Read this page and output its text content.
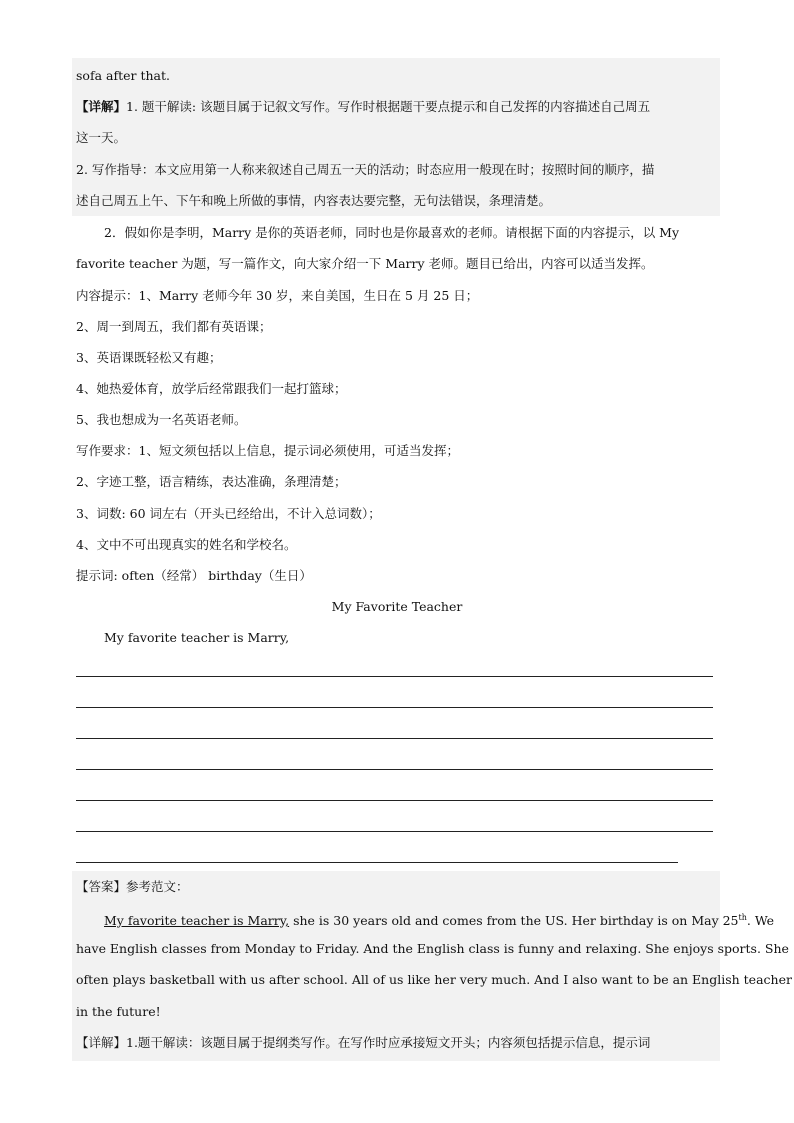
sofa after that.
【详解】1. 题干解读: 该题目属于记叙文写作。写作时根据题干要点提示和自己发挥的内容描述自己周五
这一天。
2. 写作指导：本文应用第一人称来叙述自己周五一天的活动；时态应用一般现在时；按照时间的顺序，描
述自己周五上午、下午和晚上所做的事情，内容表达要完整，无句法错误，条理清楚。
2．假如你是李明，Marry 是你的英语老师，同时也是你最喜欢的老师。请根据下面的内容提示，以 My
favorite teacher 为题，写一篇作文，向大家介绍一下 Marry 老师。题目已给出，内容可以适当发挥。
内容提示：1、Marry 老师今年 30 岁，来自美国，生日在 5 月 25 日；
2、周一到周五，我们都有英语课；
3、英语课既轻松又有趣；
4、她热爱体育，放学后经常跟我们一起打篮球；
5、我也想成为一名英语老师。
写作要求：1、短文须包括以上信息，提示词必须使用，可适当发挥；
2、字迹工整，语言精练，表达准确，条理清楚；
3、词数: 60 词左右（开头已经给出，不计入总词数）；
4、文中不可出现真实的姓名和学校名。
提示词: often（经常） birthday（生日）
My Favorite Teacher
My favorite teacher is Marry,
【答案】参考范文：
My favorite teacher is Marry, she is 30 years old and comes from the US. Her birthday is on May 25th. We
have English classes from Monday to Friday. And the English class is funny and relaxing. She enjoys sports. She
often plays basketball with us after school. All of us like her very much. And I also want to be an English teacher
in the future!
【详解】1.题干解读：该题目属于提纲类写作。在写作时应承接短文开头；内容须包括提示信息，提示词
